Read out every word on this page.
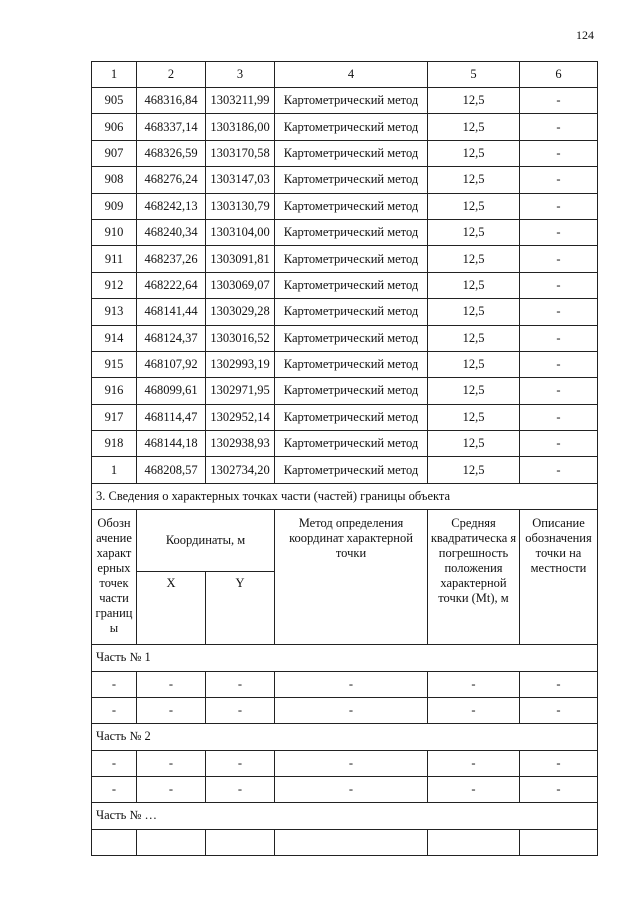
124
1	2	3	4	5	6
905	468316,84	1303211,99	Картометрический метод	12,5	-
906	468337,14	1303186,00	Картометрический метод	12,5	-
907	468326,59	1303170,58	Картометрический метод	12,5	-
908	468276,24	1303147,03	Картометрический метод	12,5	-
909	468242,13	1303130,79	Картометрический метод	12,5	-
910	468240,34	1303104,00	Картометрический метод	12,5	-
911	468237,26	1303091,81	Картометрический метод	12,5	-
912	468222,64	1303069,07	Картометрический метод	12,5	-
913	468141,44	1303029,28	Картометрический метод	12,5	-
914	468124,37	1303016,52	Картометрический метод	12,5	-
915	468107,92	1302993,19	Картометрический метод	12,5	-
916	468099,61	1302971,95	Картометрический метод	12,5	-
917	468114,47	1302952,14	Картометрический метод	12,5	-
918	468144,18	1302938,93	Картометрический метод	12,5	-
1	468208,57	1302734,20	Картометрический метод	12,5	-
3. Сведения о характерных точках части (частей) границы объекта					
Обозн ачение характ ерных точек части границ ы	Координаты, м		Метод определения координат характерной точки	Средняя квадратическа я погрешность положения характерной точки (Mt), м	Описание обозначения точки на местности
	X	Y			
Часть № 1					
-	-	-	-	-	-
-	-	-	-	-	-
Часть № 2					
-	-	-	-	-	-
-	-	-	-	-	-
Часть № …					
